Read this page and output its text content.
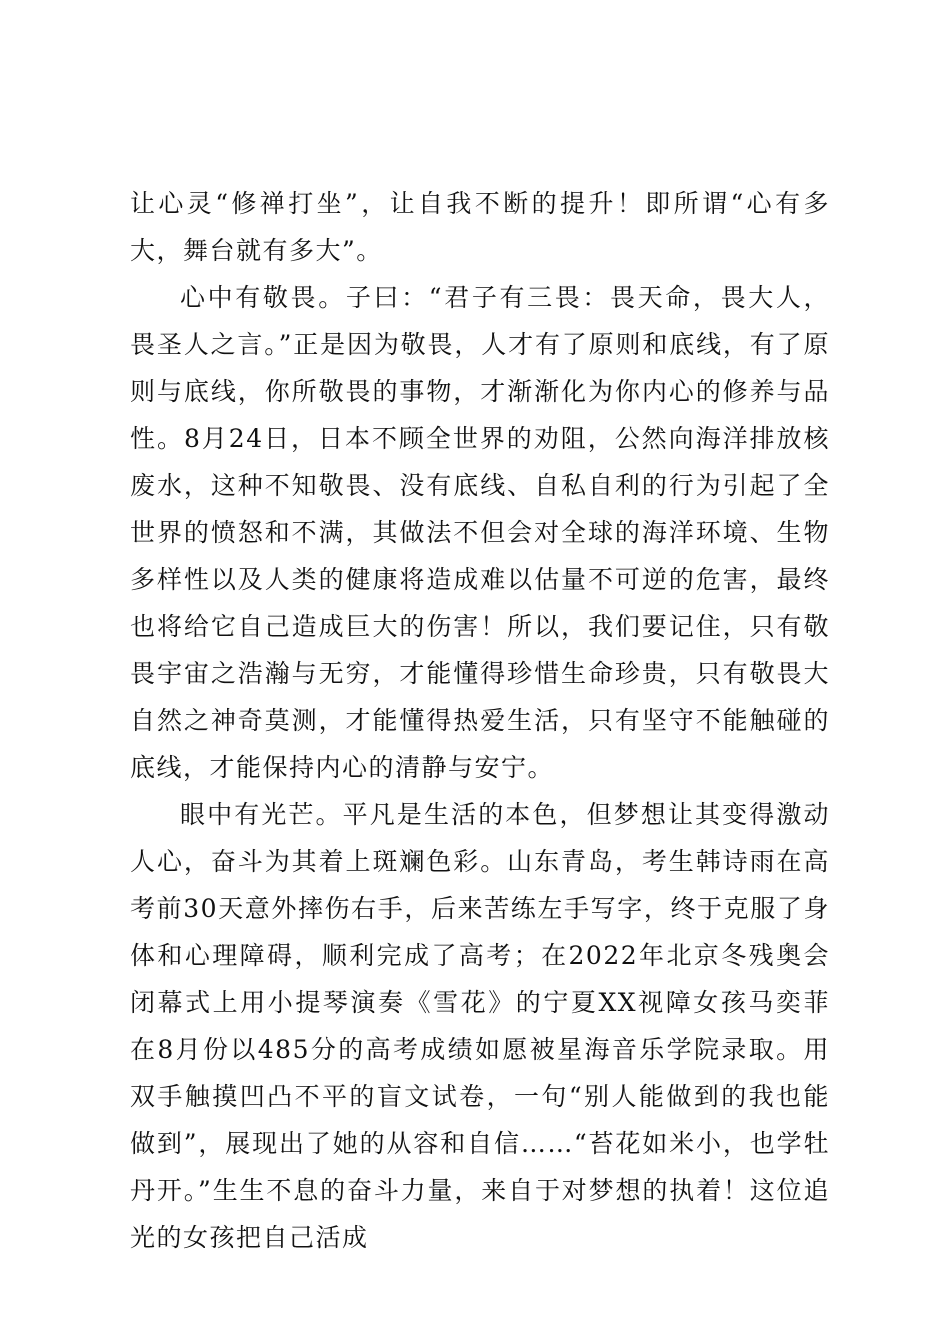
让心灵“修禅打坐”，让自我不断的提升！即所谓“心有多大，舞台就有多大”。

心中有敬畏。子曰：“君子有三畏：畏天命，畏大人，畏圣人之言。”正是因为敬畏，人才有了原则和底线，有了原则与底线，你所敬畏的事物，才渐渐化为你内心的修养与品性。8月24日，日本不顾全世界的劝阻，公然向海洋排放核废水，这种不知敬畏、没有底线、自私自利的行为引起了全世界的愤怒和不满，其做法不但会对全球的海洋环境、生物多样性以及人类的健康将造成难以估量不可逆的危害，最终也将给它自己造成巨大的伤害！所以，我们要记住，只有敬畏宇宙之浩瀚与无穷，才能懂得珍惜生命珍贵，只有敬畏大自然之神奇莫测，才能懂得热爱生活，只有坚守不能触碰的底线，才能保持内心的清静与安宁。

眼中有光芒。平凡是生活的本色，但梦想让其变得激动人心，奋斗为其着上斑斓色彩。山东青岛，考生韩诗雨在高考前30天意外摔伤右手，后来苦练左手写字，终于克服了身体和心理障碍，顺利完成了高考；在2022年北京冬残奥会闭幕式上用小提琴演奏《雪花》的宁夏XX视障女孩马奕菲在8月份以485分的高考成绩如愿被星海音乐学院录取。用双手触摸凹凸不平的盲文试卷，一句“别人能做到的我也能做到”，展现出了她的从容和自信……“苔花如米小，也学牡丹开。”生生不息的奋斗力量，来自于对梦想的执着！这位追光的女孩把自己活成
